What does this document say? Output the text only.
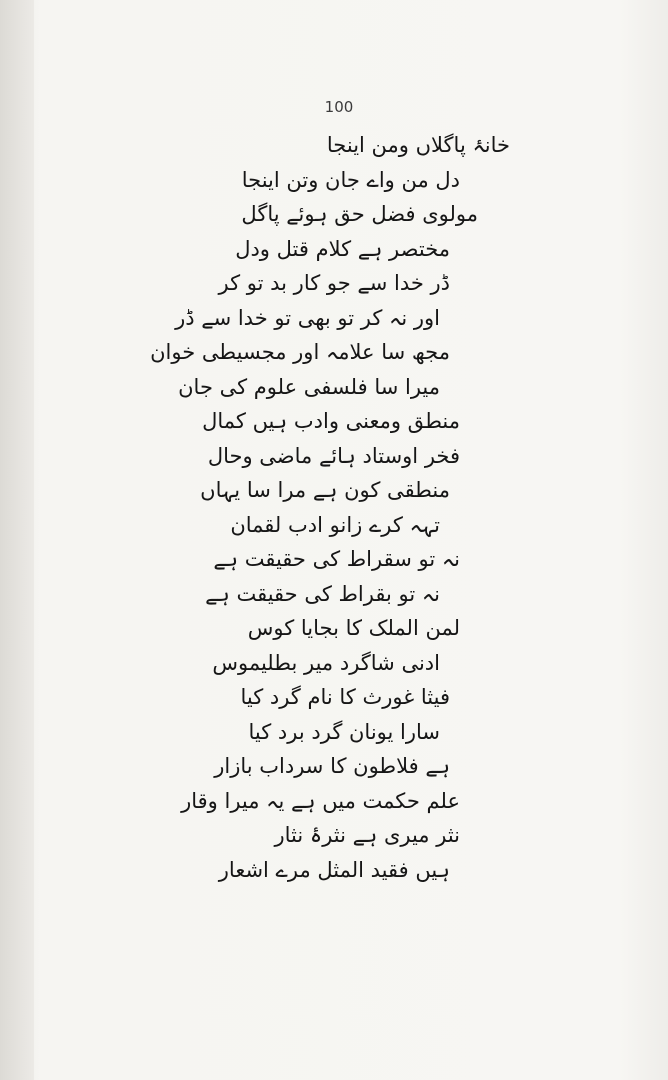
100
خانۂ پاگلاں ومن اینجا
دل من واے جان وتن اینجا
مولوی فضل حق ہوئے پاگل
مختصر ہے کلام قتل ودل
ڈر خدا سے جو کار بد تو کر
اور نہ کر تو بھی تو خدا سے ڈر
مجھ سا علامہ اور مجسیطی خوان
میرا سا فلسفی علوم کی جان
منطق ومعنی وادب ہیں کمال
فخر اوستاد ہائے ماضی وحال
منطقی کون ہے مرا سا یہاں
تہہ کرے زانو ادب لقمان
نہ تو سقراط کی حقیقت ہے
نہ تو بقراط کی حقیقت ہے
لمن الملک کا بجایا کوس
ادنی شاگرد میر بطلیموس
فیثا غورث کا نام گرد کیا
سارا یونان گرد برد کیا
ہے فلاطون کا سرداب بازار
علم حکمت میں ہے یہ میرا وقار
نثر میری ہے نثرۂ نثار
ہیں فقید المثل مرے اشعار
